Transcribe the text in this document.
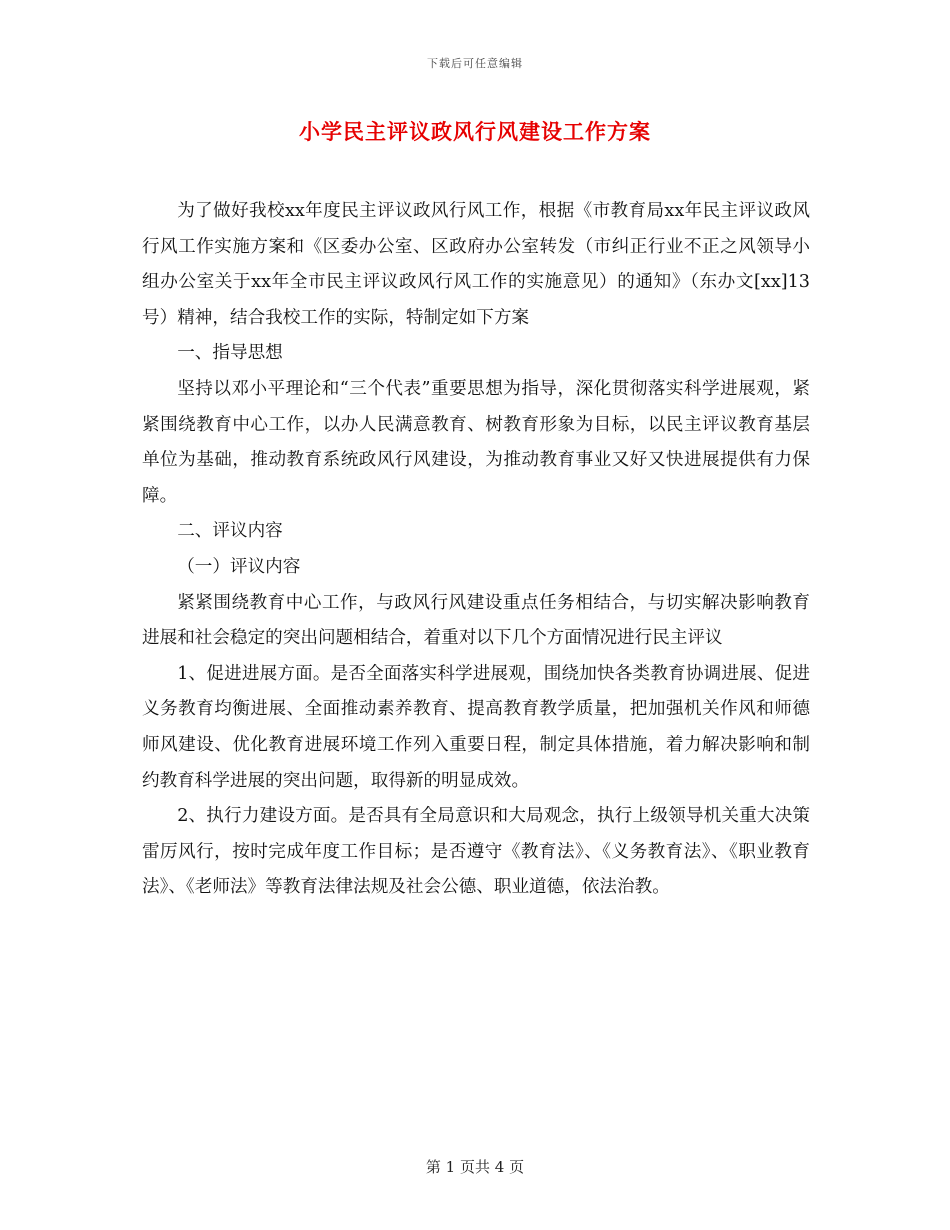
下载后可任意编辑
小学民主评议政风行风建设工作方案

为了做好我校xx年度民主评议政风行风工作，根据《市教育局xx年民主评议政风行风工作实施方案和《区委办公室、区政府办公室转发（市纠正行业不正之风领导小组办公室关于xx年全市民主评议政风行风工作的实施意见）的通知》（东办文[xx]13号）精神，结合我校工作的实际，特制定如下方案

一、指导思想

坚持以邓小平理论和“三个代表”重要思想为指导，深化贯彻落实科学进展观，紧紧围绕教育中心工作，以办人民满意教育、树教育形象为目标，以民主评议教育基层单位为基础，推动教育系统政风行风建设，为推动教育事业又好又快进展提供有力保障。

二、评议内容

（一）评议内容

紧紧围绕教育中心工作，与政风行风建设重点任务相结合，与切实解决影响教育进展和社会稳定的突出问题相结合，着重对以下几个方面情况进行民主评议

1、促进进展方面。是否全面落实科学进展观，围绕加快各类教育协调进展、促进义务教育均衡进展、全面推动素养教育、提高教育教学质量，把加强机关作风和师德师风建设、优化教育进展环境工作列入重要日程，制定具体措施，着力解决影响和制约教育科学进展的突出问题，取得新的明显成效。

2、执行力建设方面。是否具有全局意识和大局观念，执行上级领导机关重大决策雷厉风行，按时完成年度工作目标；是否遵守《教育法》、《义务教育法》、《职业教育法》、《老师法》等教育法律法规及社会公德、职业道德，依法治教。

第 1 页共 4 页
